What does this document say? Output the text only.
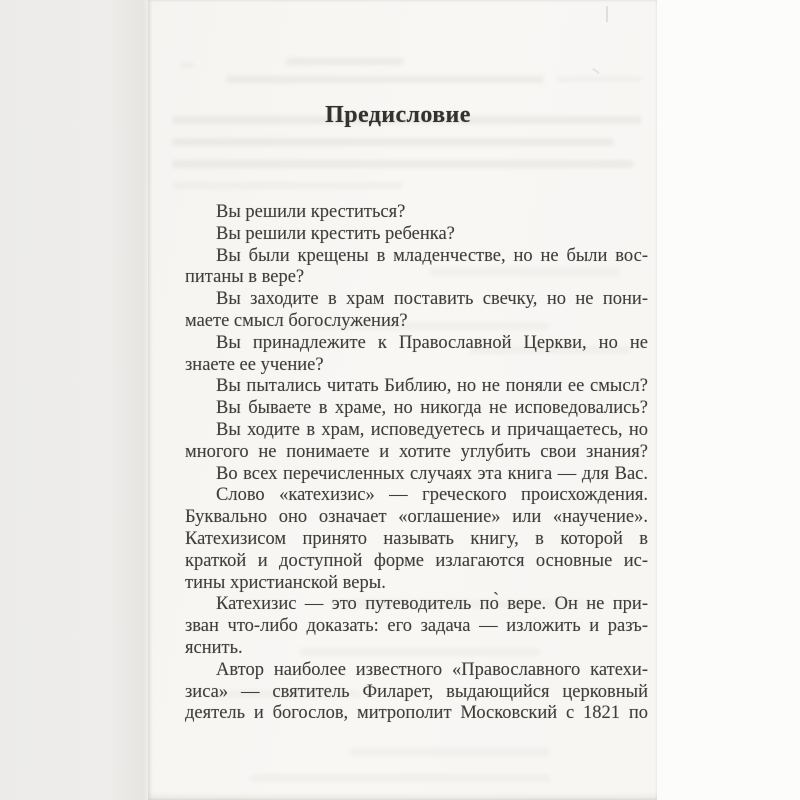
Предисловие
Вы решили креститься?
Вы решили крестить ребенка?
Вы были крещены в младенчестве, но не были вос-
питаны в вере?
Вы заходите в храм поставить свечку, но не пони-
маете смысл богослужения?
Вы принадлежите к Православной Церкви, но не
знаете ее учение?
Вы пытались читать Библию, но не поняли ее смысл?
Вы бываете в храме, но никогда не исповедовались?
Вы ходите в храм, исповедуетесь и причащаетесь, но
многого не понимаете и хотите углубить свои знания?
Во всех перечисленных случаях эта книга — для Вас.
Слово «катехизис» — греческого происхождения.
Буквально оно означает «оглашение» или «научение».
Катехизисом принято называть книгу, в которой в
краткой и доступной форме излагаются основные ис-
тины христианской веры.
Катехизис — это путеводитель по̀ вере. Он не при-
зван что-либо доказать: его задача — изложить и разъ-
яснить.
Автор наиболее известного «Православного катехи-
зиса» — святитель Филарет, выдающийся церковный
деятель и богослов, митрополит Московский с 1821 по
